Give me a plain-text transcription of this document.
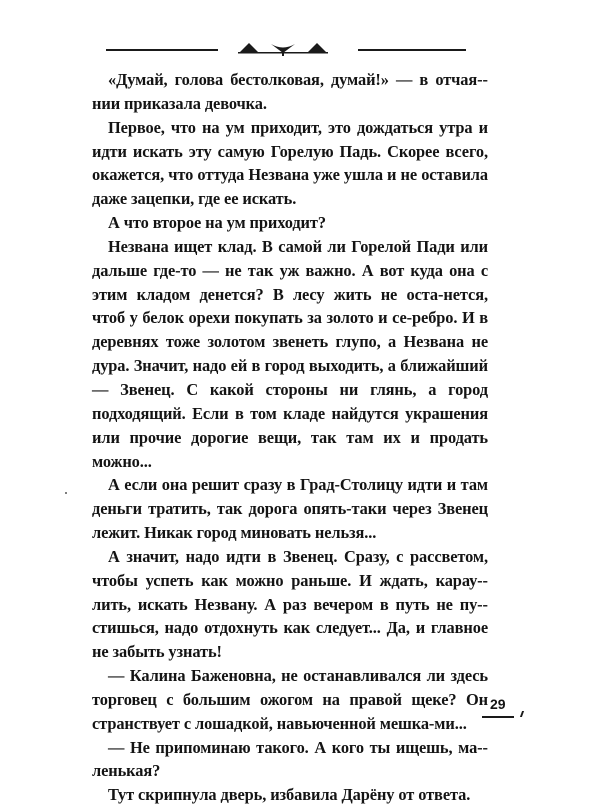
«Думай, голова бестолковая, думай!» — в отчая-нии приказала девочка.

Первое, что на ум приходит, это дождаться утра и идти искать эту самую Горелую Падь. Скорее всего, окажется, что оттуда Незвана уже ушла и не оставила даже зацепки, где ее искать.

А что второе на ум приходит?

Незвана ищет клад. В самой ли Горелой Пади или дальше где-то — не так уж важно. А вот куда она с этим кладом денется? В лесу жить не оста-нется, чтоб у белок орехи покупать за золото и се-ребро. И в деревнях тоже золотом звенеть глупо, а Незвана не дура. Значит, надо ей в город выходить, а ближайший — Звенец. С какой стороны ни глянь, а город подходящий. Если в том кладе найдутся украшения или прочие дорогие вещи, так там их и продать можно...

А если она решит сразу в Град-Столицу идти и там деньги тратить, так дорога опять-таки через Звенец лежит. Никак город миновать нельзя...

А значит, надо идти в Звенец. Сразу, с рассветом, чтобы успеть как можно раньше. И ждать, карау-лить, искать Незвану. А раз вечером в путь не пу-стишься, надо отдохнуть как следует... Да, и главное не забыть узнать!

— Калина Баженовна, не останавливался ли здесь торговец с большим ожогом на правой щеке? Он странствует с лошадкой, навьюченной мешка-ми...

— Не припоминаю такого. А кого ты ищешь, ма-ленькая?

Тут скрипнула дверь, избавила Дарёну от ответа.

29
